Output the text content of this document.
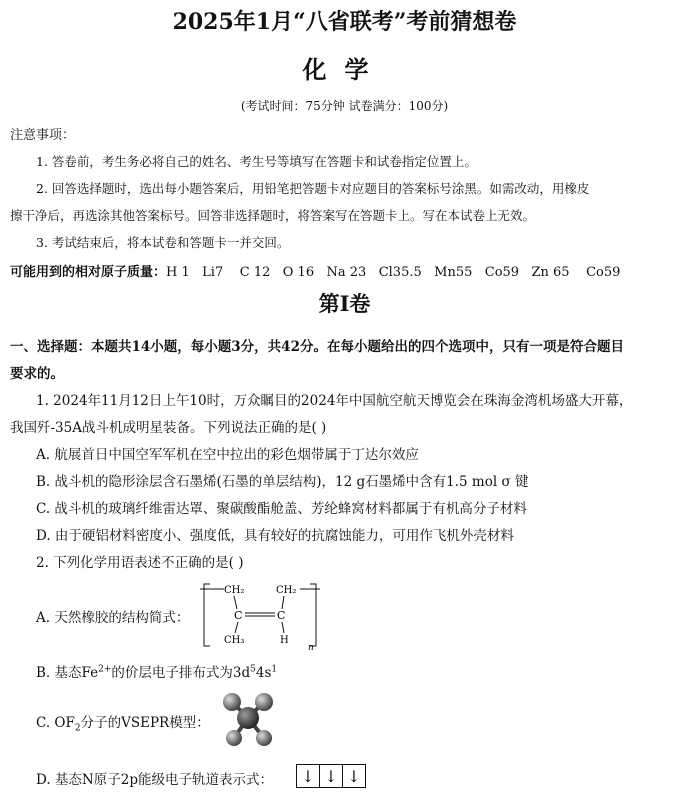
2025年1月“八省联考”考前猜想卷
化学
(考试时间：75分钟 试卷满分：100分)
注意事项：
1. 答卷前，考生务必将自己的姓名、考生号等填写在答题卡和试卷指定位置上。
2. 回答选择题时，选出每小题答案后，用铅笔把答题卡对应题目的答案标号涂黑。如需改动，用橡皮
擦干净后，再选涂其他答案标号。回答非选择题时，将答案写在答题卡上。写在本试卷上无效。
3. 考试结束后，将本试卷和答题卡一并交回。
可能用到的相对原子质量：H 1   Li7    C 12   O 16   Na 23   Cl35.5   Mn55   Co59   Zn 65    Co59
第I卷
一、选择题：本题共14小题，每小题3分，共42分。在每小题给出的四个选项中，只有一项是符合题目
要求的。
1. 2024年11月12日上午10时，万众瞩目的2024年中国航空航天博览会在珠海金湾机场盛大开幕，
我国歼-35A战斗机成明星装备。下列说法正确的是( )
A. 航展首日中国空军军机在空中拉出的彩色烟带属于丁达尔效应
B. 战斗机的隐形涂层含石墨烯(石墨的单层结构)，12 g石墨烯中含有1.5 mol σ 键
C. 战斗机的玻璃纤维雷达罩、聚碳酸酯舱盖、芳纶蜂窝材料都属于有机高分子材料
D. 由于硬铝材料密度小、强度低，具有较好的抗腐蚀能力，可用作飞机外壳材料
2. 下列化学用语表述不正确的是( )
A. 天然橡胶的结构简式：
CH₂	CH₂
C	C
CH₃	H
n
B. 基态$Fe^{2+}$的价层电子排布式为$3d^54s^1$
C. $OF_2$分子的VSEPR模型：
D. 基态N原子2p能级电子轨道表示式：	↓ ↓ ↓
